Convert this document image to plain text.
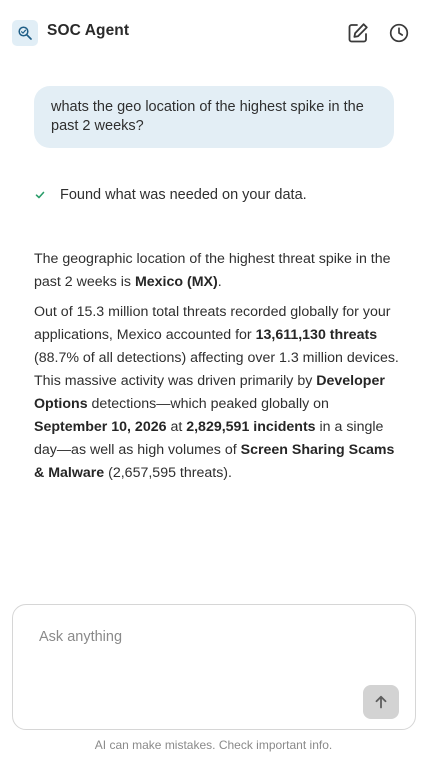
SOC Agent
whats the geo location of the highest spike in the past 2 weeks?
Found what was needed on your data.

The geographic location of the highest threat spike in the past 2 weeks is Mexico (MX).

Out of 15.3 million total threats recorded globally for your applications, Mexico accounted for 13,611,130 threats (88.7% of all detections) affecting over 1.3 million devices. This massive activity was driven primarily by Developer Options detections—which peaked globally on September 10, 2026 at 2,829,591 incidents in a single day—as well as high volumes of Screen Sharing Scams & Malware (2,657,595 threats).

Ask anything
AI can make mistakes. Check important info.
